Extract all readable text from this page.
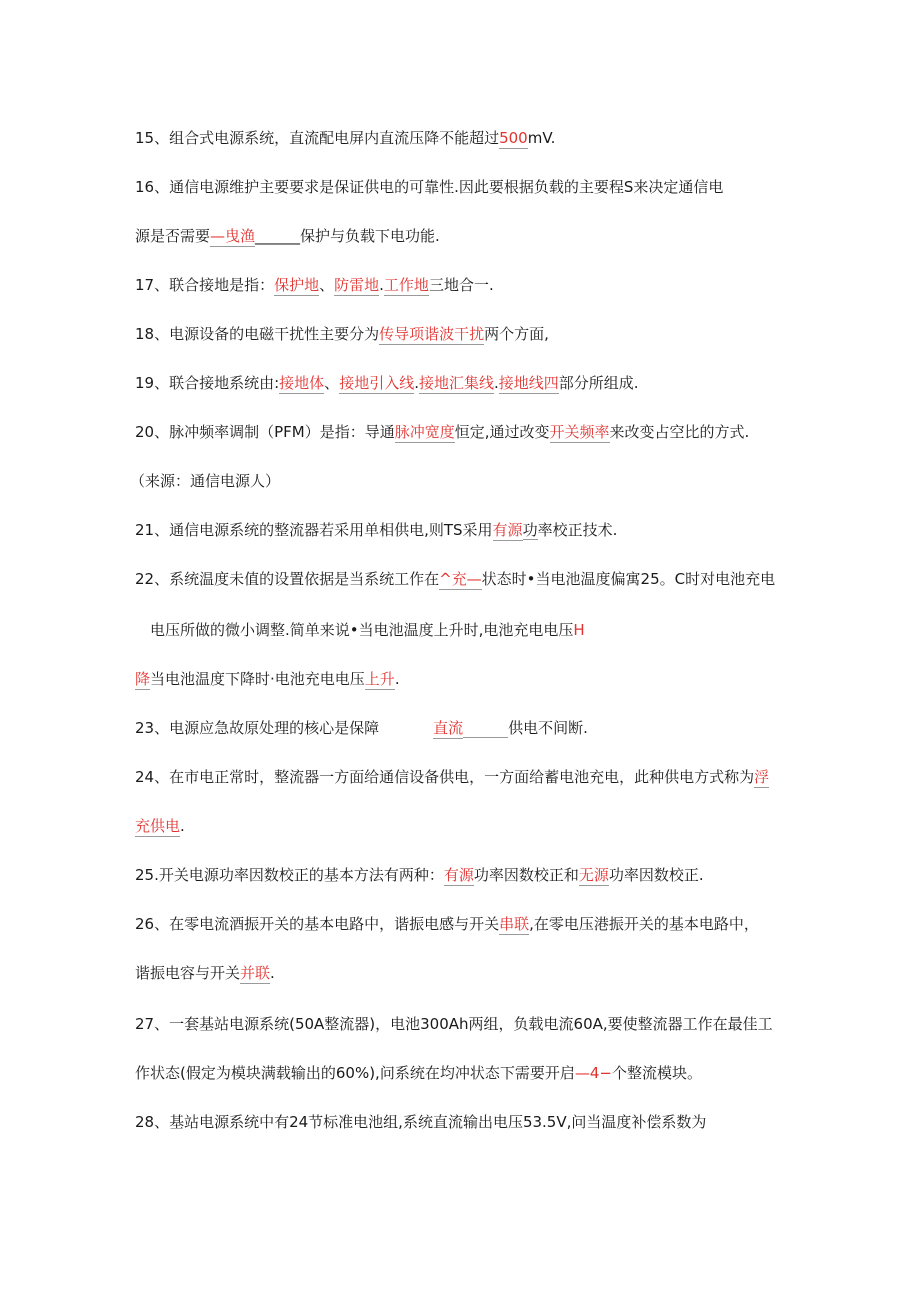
15、组合式电源系统，直流配电屏内直流压降不能超过500mV.
16、通信电源维护主要要求是保证供电的可靠性.因此要根据负载的主要程S来决定通信电
源是否需要—曳渔______保护与负载下电功能.
17、联合接地是指：保护地、防雷地.工作地三地合一.
18、电源设备的电磁干扰性主要分为传导项谐波干扰两个方面,
19、联合接地系统由:接地体、接地引入线.接地汇集线.接地线四部分所组成.
20、脉冲频率调制（PFM）是指：导通脉冲宽度恒定,通过改变开关频率来改变占空比的方式.
（来源：通信电源人）
21、通信电源系统的整流器若采用单相供电,则TS采用有源功率校正技术.
22、系统温度未值的设置依据是当系统工作在^充—状态时•当电池温度偏寓25。C时对电池充电
电压所做的微小调整.简单来说•当电池温度上升时,电池充电电压H
降当电池温度下降时·电池充电电压上升.
23、电源应急故原处理的核心是保障	直流______供电不间断.
24、在市电正常时，整流器一方面给通信设备供电，一方面给蓄电池充电，此种供电方式称为浮
充供电.
25.开关电源功率因数校正的基本方法有两种：有源功率因数校正和无源功率因数校正.
26、在零电流酒振开关的基本电路中，谐振电感与开关串联,在零电压港振开关的基本电路中，
谐振电容与开关并联.
27、一套基站电源系统(50A整流器)，电池300Ah两组，负载电流60A,要使整流器工作在最佳工
作状态(假定为模块满载输出的60%),问系统在均冲状态下需要开启—4−个整流模块。
28、基站电源系统中有24节标准电池组,系统直流输出电压53.5V,问当温度补偿系数为
